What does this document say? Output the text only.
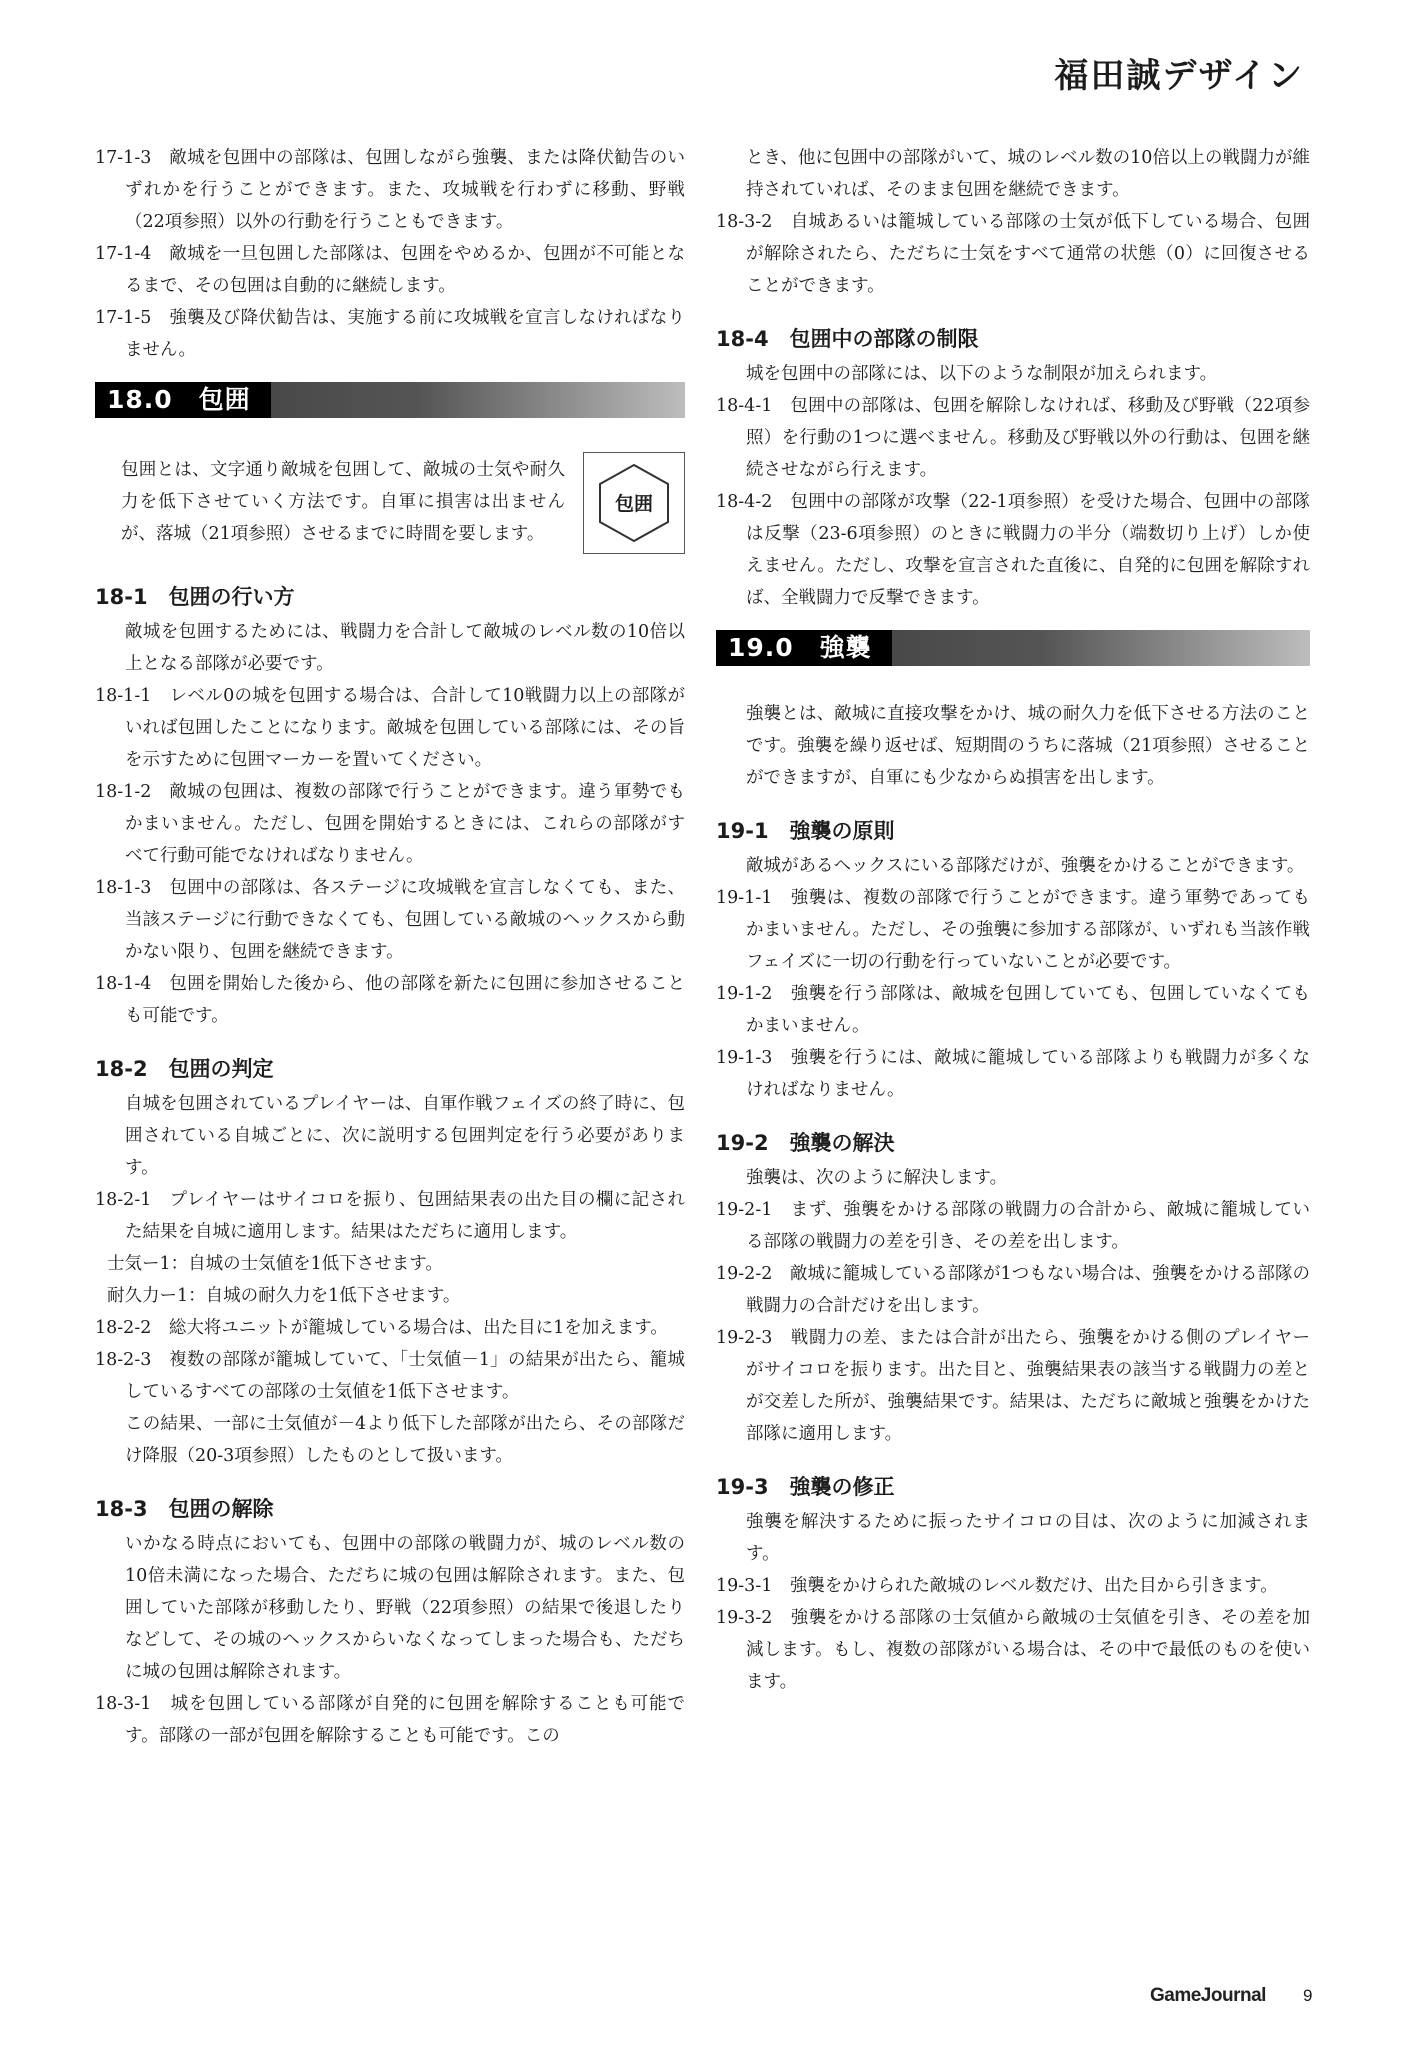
福田誠デザイン

17-1-3　敵城を包囲中の部隊は、包囲しながら強襲、または降伏勧告のいずれかを行うことができます。また、攻城戦を行わずに移動、野戦（22項参照）以外の行動を行うこともできます。

17-1-4　敵城を一旦包囲した部隊は、包囲をやめるか、包囲が不可能となるまで、その包囲は自動的に継続します。

17-1-5　強襲及び降伏勧告は、実施する前に攻城戦を宣言しなければなりません。

18.0　包囲

包囲とは、文字通り敵城を包囲して、敵城の士気や耐久力を低下させていく方法です。自軍に損害は出ませんが、落城（21項参照）させるまでに時間を要します。

包囲
18-1　包囲の行い方

敵城を包囲するためには、戦闘力を合計して敵城のレベル数の10倍以上となる部隊が必要です。

18-1-1　レベル0の城を包囲する場合は、合計して10戦闘力以上の部隊がいれば包囲したことになります。敵城を包囲している部隊には、その旨を示すために包囲マーカーを置いてください。

18-1-2　敵城の包囲は、複数の部隊で行うことができます。違う軍勢でもかまいません。ただし、包囲を開始するときには、これらの部隊がすべて行動可能でなければなりません。

18-1-3　包囲中の部隊は、各ステージに攻城戦を宣言しなくても、また、当該ステージに行動できなくても、包囲している敵城のヘックスから動かない限り、包囲を継続できます。

18-1-4　包囲を開始した後から、他の部隊を新たに包囲に参加させることも可能です。

18-2　包囲の判定

自城を包囲されているプレイヤーは、自軍作戦フェイズの終了時に、包囲されている自城ごとに、次に説明する包囲判定を行う必要があります。

18-2-1　プレイヤーはサイコロを振り、包囲結果表の出た目の欄に記された結果を自城に適用します。結果はただちに適用します。

士気ー1：自城の士気値を1低下させます。

耐久力ー1：自城の耐久力を1低下させます。

18-2-2　総大将ユニットが籠城している場合は、出た目に1を加えます。

18-2-3　複数の部隊が籠城していて、「士気値－1」の結果が出たら、籠城しているすべての部隊の士気値を1低下させます。

この結果、一部に士気値が－4より低下した部隊が出たら、その部隊だけ降服（20-3項参照）したものとして扱います。

18-3　包囲の解除

いかなる時点においても、包囲中の部隊の戦闘力が、城のレベル数の10倍未満になった場合、ただちに城の包囲は解除されます。また、包囲していた部隊が移動したり、野戦（22項参照）の結果で後退したりなどして、その城のヘックスからいなくなってしまった場合も、ただちに城の包囲は解除されます。

18-3-1　城を包囲している部隊が自発的に包囲を解除することも可能です。部隊の一部が包囲を解除することも可能です。この

とき、他に包囲中の部隊がいて、城のレベル数の10倍以上の戦闘力が維持されていれば、そのまま包囲を継続できます。

18-3-2　自城あるいは籠城している部隊の士気が低下している場合、包囲が解除されたら、ただちに士気をすべて通常の状態（0）に回復させることができます。

18-4　包囲中の部隊の制限

城を包囲中の部隊には、以下のような制限が加えられます。

18-4-1　包囲中の部隊は、包囲を解除しなければ、移動及び野戦（22項参照）を行動の1つに選べません。移動及び野戦以外の行動は、包囲を継続させながら行えます。

18-4-2　包囲中の部隊が攻撃（22-1項参照）を受けた場合、包囲中の部隊は反撃（23-6項参照）のときに戦闘力の半分（端数切り上げ）しか使えません。ただし、攻撃を宣言された直後に、自発的に包囲を解除すれば、全戦闘力で反撃できます。

19.0　強襲

強襲とは、敵城に直接攻撃をかけ、城の耐久力を低下させる方法のことです。強襲を繰り返せば、短期間のうちに落城（21項参照）させることができますが、自軍にも少なからぬ損害を出します。

19-1　強襲の原則

敵城があるヘックスにいる部隊だけが、強襲をかけることができます。

19-1-1　強襲は、複数の部隊で行うことができます。違う軍勢であってもかまいません。ただし、その強襲に参加する部隊が、いずれも当該作戦フェイズに一切の行動を行っていないことが必要です。

19-1-2　強襲を行う部隊は、敵城を包囲していても、包囲していなくてもかまいません。

19-1-3　強襲を行うには、敵城に籠城している部隊よりも戦闘力が多くなければなりません。

19-2　強襲の解決

強襲は、次のように解決します。

19-2-1　まず、強襲をかける部隊の戦闘力の合計から、敵城に籠城している部隊の戦闘力の差を引き、その差を出します。

19-2-2　敵城に籠城している部隊が1つもない場合は、強襲をかける部隊の戦闘力の合計だけを出します。

19-2-3　戦闘力の差、または合計が出たら、強襲をかける側のプレイヤーがサイコロを振ります。出た目と、強襲結果表の該当する戦闘力の差とが交差した所が、強襲結果です。結果は、ただちに敵城と強襲をかけた部隊に適用します。

19-3　強襲の修正

強襲を解決するために振ったサイコロの目は、次のように加減されます。

19-3-1　強襲をかけられた敵城のレベル数だけ、出た目から引きます。

19-3-2　強襲をかける部隊の士気値から敵城の士気値を引き、その差を加減します。もし、複数の部隊がいる場合は、その中で最低のものを使います。

GameJournal 9
